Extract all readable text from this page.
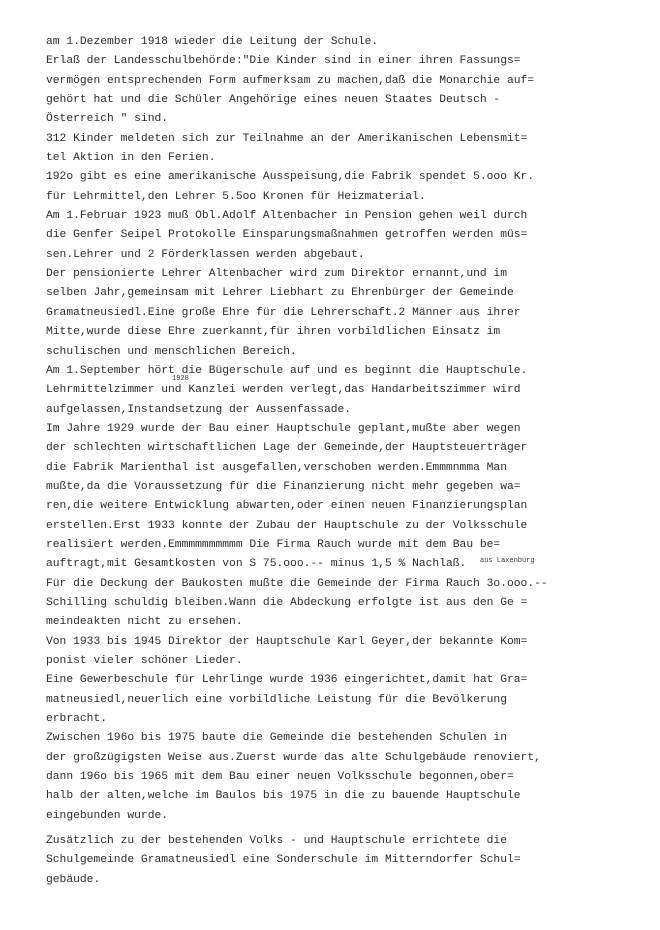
am 1.Dezember 1918 wieder die Leitung der Schule.
Erlaß der Landesschulbehörde:"Die Kinder sind in einer ihren Fassungs=
vermögen entsprechenden Form aufmerksam zu machen,daß die Monarchie auf=
gehört hat und die Schüler Angehörige eines neuen Staates Deutsch -
Österreich " sind.
312 Kinder meldeten sich zur Teilnahme an der Amerikanischen Lebensmit=
tel Aktion in den Ferien.
192o gibt es eine amerikanische Ausspeisung,die Fabrik spendet 5.ooo Kr.
für Lehrmittel,den Lehrer 5.5oo Kronen für Heizmaterial.
Am 1.Februar 1923 muß Obl.Adolf Altenbacher in Pension gehen weil durch
die Genfer Seipel Protokolle Einsparungsmaßnahmen getroffen werden müs=
sen.Lehrer und 2 Förderklassen werden abgebaut.
Der pensionierte Lehrer Altenbacher wird zum Direktor ernannt,und im
selben Jahr,gemeinsam mit Lehrer Liebhart zu Ehrenbürger der Gemeinde
Gramatneusiedl.Eine große Ehre für die Lehrerschaft.2 Männer aus ihrer
Mitte,wurde diese Ehre zuerkannt,für ihren vorbildlichen Einsatz im
schulischen und menschlichen Bereich.
Am 1.September hört die Bügerschule auf und es beginnt die Hauptschule.
Lehrmittelzimmer und Kanzlei werden verlegt,das Handarbeitszimmer wird
aufgelassen,Instandsetzung der Aussenfassade.
Im Jahre 1929 wurde der Bau einer Hauptschule geplant,mußte aber wegen
der schlechten wirtschaftlichen Lage der Gemeinde,der Hauptsteuerträger
die Fabrik Marienthal ist ausgefallen,verschoben werden.Emmmnmma Man
mußte,da die Voraussetzung für die Finanzierung nicht mehr gegeben wa=
ren,die weitere Entwicklung abwarten,oder einen neuen Finanzierungsplan
erstellen.Erst 1933 konnte der Zubau der Hauptschule zu der Volksschule
realisiert werden.Emmmmmmmmmm Die Firma Rauch wurde mit dem Bau be=
auftragt,mit Gesamtkosten von S 75.ooo.-- minus 1,5 % Nachlaß.
Für die Deckung der Baukosten mußte die Gemeinde der Firma Rauch 3o.ooo.--
Schilling schuldig bleiben.Wann die Abdeckung erfolgte ist aus den Ge =
meindeakten nicht zu ersehen.
Von 1933 bis 1945 Direktor der Hauptschule Karl Geyer,der bekannte Kom=
ponist vieler schöner Lieder.
Eine Gewerbeschule für Lehrlinge wurde 1936 eingerichtet,damit hat Gra=
matneusiedl,neuerlich eine vorbildliche Leistung für die Bevölkerung
erbracht.
Zwischen 196o bis 1975 baute die Gemeinde die bestehenden Schulen in
der großzügigsten Weise aus.Zuerst wurde das alte Schulgebäude renoviert,
dann 196o bis 1965 mit dem Bau einer neuen Volksschule begonnen,ober=
halb der alten,welche im Baulos bis 1975 in die zu bauende Hauptschule
eingebunden wurde.
Zusätzlich zu der bestehenden Volks - und Hauptschule errichtete die
Schulgemeinde Gramatneusiedl eine Sonderschule im Mitterndorfer Schul=
gebäude.
1928
aus Laxenburg
